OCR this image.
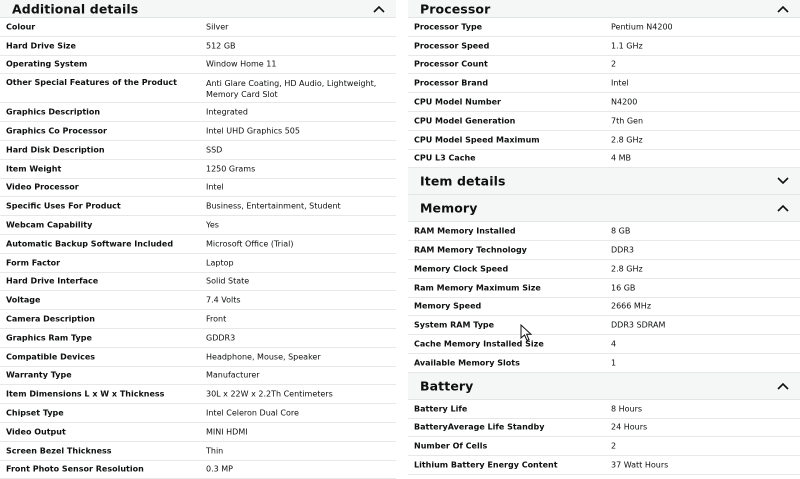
Additional details
Colour	Silver
Hard Drive Size	512 GB
Operating System	Window Home 11
Other Special Features of the Product	Anti Glare Coating, HD Audio, Lightweight, Memory Card Slot
Graphics Description	Integrated
Graphics Co Processor	Intel UHD Graphics 505
Hard Disk Description	SSD
Item Weight	1250 Grams
Video Processor	Intel
Specific Uses For Product	Business, Entertainment, Student
Webcam Capability	Yes
Automatic Backup Software Included	Microsoft Office (Trial)
Form Factor	Laptop
Hard Drive Interface	Solid State
Voltage	7.4 Volts
Camera Description	Front
Graphics Ram Type	GDDR3
Compatible Devices	Headphone, Mouse, Speaker
Warranty Type	Manufacturer
Item Dimensions L x W x Thickness	30L x 22W x 2.2Th Centimeters
Chipset Type	Intel Celeron Dual Core
Video Output	MINI HDMI
Screen Bezel Thickness	Thin
Front Photo Sensor Resolution	0.3 MP
Processor
Processor Type	Pentium N4200
Processor Speed	1.1 GHz
Processor Count	2
Processor Brand	Intel
CPU Model Number	N4200
CPU Model Generation	7th Gen
CPU Model Speed Maximum	2.8 GHz
CPU L3 Cache	4 MB
Item details
Memory
RAM Memory Installed	8 GB
RAM Memory Technology	DDR3
Memory Clock Speed	2.8 GHz
Ram Memory Maximum Size	16 GB
Memory Speed	2666 MHz
System RAM Type	DDR3 SDRAM
Cache Memory Installed Size	4
Available Memory Slots	1
Battery
Battery Life	8 Hours
BatteryAverage Life Standby	24 Hours
Number Of Cells	2
Lithium Battery Energy Content	37 Watt Hours
